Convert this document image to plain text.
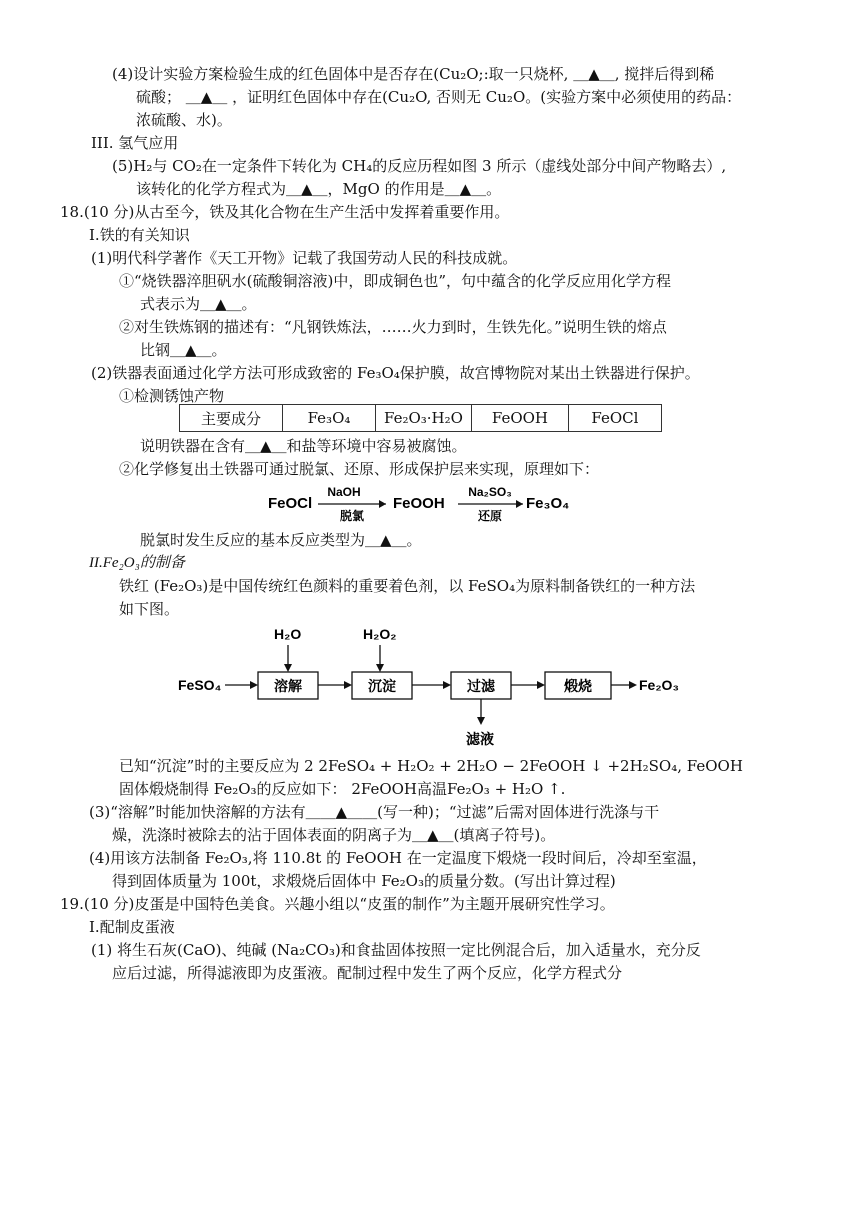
(4)设计实验方案检验生成的红色固体中是否存在(Cu₂O;:取一只烧杯, ＿▲＿, 搅拌后得到稀
硫酸； ＿▲＿ ，证明红色固体中存在(Cu₂O, 否则无 Cu₂O。(实验方案中必须使用的药品：
浓硫酸、水)。
III. 氢气应用
(5)H₂与 CO₂在一定条件下转化为 CH₄的反应历程如图 3 所示（虚线处部分中间产物略去）,
该转化的化学方程式为＿▲＿，MgO 的作用是＿▲＿。
18.(10 分)从古至今，铁及其化合物在生产生活中发挥着重要作用。
I.铁的有关知识
(1)明代科学著作《天工开物》记载了我国劳动人民的科技成就。
①“烧铁器淬胆矾水(硫酸铜溶液)中，即成铜色也”，句中蕴含的化学反应用化学方程
式表示为＿▲＿。
②对生铁炼钢的描述有：“凡钢铁炼法，……火力到时，生铁先化。”说明生铁的熔点
比钢＿▲＿。
(2)铁器表面通过化学方法可形成致密的 Fe₃O₄保护膜，故宫博物院对某出土铁器进行保护。
①检测锈蚀产物
主要成分	Fe₃O₄	Fe₂O₃·H₂O	FeOOH	FeOCl
说明铁器在含有＿▲＿和盐等环境中容易被腐蚀。
②化学修复出土铁器可通过脱氯、还原、形成保护层来实现，原理如下：
FeOCl
NaOH
脱氯
FeOOH
Na₂SO₃
还原
Fe₃O₄
脱氯时发生反应的基本反应类型为＿▲＿。
II.Fe₂O₃的制备
铁红 (Fe₂O₃)是中国传统红色颜料的重要着色剂，以 FeSO₄为原料制备铁红的一种方法
如下图。
H₂O	H₂O₂
FeSO₄	溶解	沉淀	过滤	煅烧	Fe₂O₃
滤液
已知“沉淀”时的主要反应为 2 2FeSO₄ + H₂O₂ + 2H₂O − 2FeOOH ↓ +2H₂SO₄, FeOOH
固体煅烧制得 Fe₂O₃的反应如下： 2FeOOH高温Fe₂O₃ + H₂O ↑.
(3)“溶解”时能加快溶解的方法有＿＿▲＿＿(写一种)；“过滤”后需对固体进行洗涤与干
燥，洗涤时被除去的沾于固体表面的阴离子为＿▲＿(填离子符号)。
(4)用该方法制备 Fe₂O₃,将 110.8t 的 FeOOH 在一定温度下煅烧一段时间后，冷却至室温，
得到固体质量为 100t，求煅烧后固体中 Fe₂O₃的质量分数。(写出计算过程)
19.(10 分)皮蛋是中国特色美食。兴趣小组以“皮蛋的制作”为主题开展研究性学习。
I.配制皮蛋液
(1) 将生石灰(CaO)、纯碱 (Na₂CO₃)和食盐固体按照一定比例混合后，加入适量水，充分反
应后过滤，所得滤液即为皮蛋液。配制过程中发生了两个反应，化学方程式分
